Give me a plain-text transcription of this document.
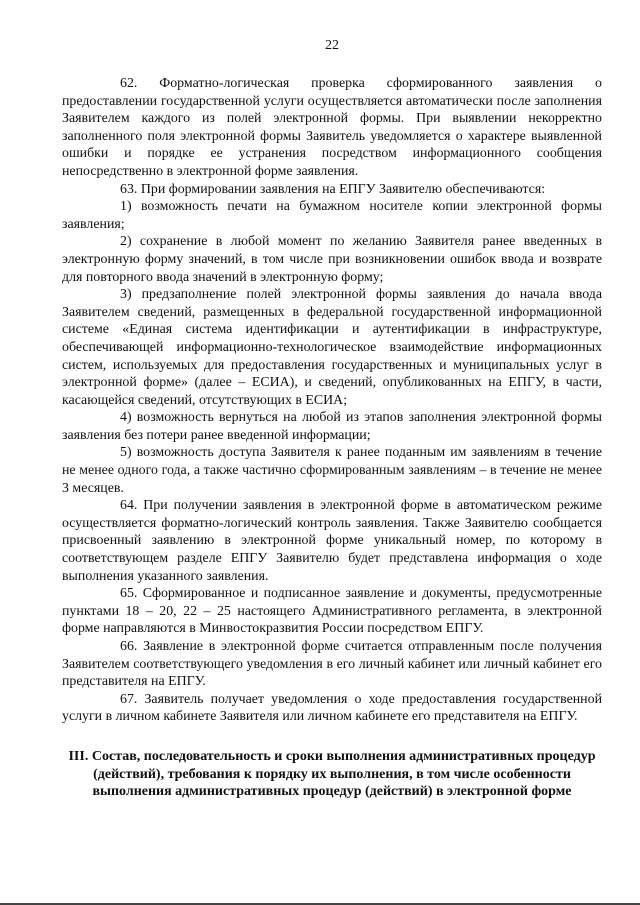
22

62. Форматно-логическая проверка сформированного заявления о предоставлении государственной услуги осуществляется автоматически после заполнения Заявителем каждого из полей электронной формы. При выявлении некорректно заполненного поля электронной формы Заявитель уведомляется о характере выявленной ошибки и порядке ее устранения посредством информационного сообщения непосредственно в электронной форме заявления.

63. При формировании заявления на ЕПГУ Заявителю обеспечиваются:

1) возможность печати на бумажном носителе копии электронной формы заявления;

2) сохранение в любой момент по желанию Заявителя ранее введенных в электронную форму значений, в том числе при возникновении ошибок ввода и возврате для повторного ввода значений в электронную форму;

3) предзаполнение полей электронной формы заявления до начала ввода Заявителем сведений, размещенных в федеральной государственной информационной системе «Единая система идентификации и аутентификации в инфраструктуре, обеспечивающей информационно-технологическое взаимодействие информационных систем, используемых для предоставления государственных и муниципальных услуг в электронной форме» (далее – ЕСИА), и сведений, опубликованных на ЕПГУ, в части, касающейся сведений, отсутствующих в ЕСИА;

4) возможность вернуться на любой из этапов заполнения электронной формы заявления без потери ранее введенной информации;

5) возможность доступа Заявителя к ранее поданным им заявлениям в течение не менее одного года, а также частично сформированным заявлениям – в течение не менее 3 месяцев.

64. При получении заявления в электронной форме в автоматическом режиме осуществляется форматно-логический контроль заявления. Также Заявителю сообщается присвоенный заявлению в электронной форме уникальный номер, по которому в соответствующем разделе ЕПГУ Заявителю будет представлена информация о ходе выполнения указанного заявления.

65. Сформированное и подписанное заявление и документы, предусмотренные пунктами 18 – 20, 22 – 25 настоящего Административного регламента, в электронной форме направляются в Минвостокразвития России посредством ЕПГУ.

66. Заявление в электронной форме считается отправленным после получения Заявителем соответствующего уведомления в его личный кабинет или личный кабинет его представителя на ЕПГУ.

67. Заявитель получает уведомления о ходе предоставления государственной услуги в личном кабинете Заявителя или личном кабинете его представителя на ЕПГУ.

III. Состав, последовательность и сроки выполнения административных процедур (действий), требования к порядку их выполнения, в том числе особенности выполнения административных процедур (действий) в электронной форме
